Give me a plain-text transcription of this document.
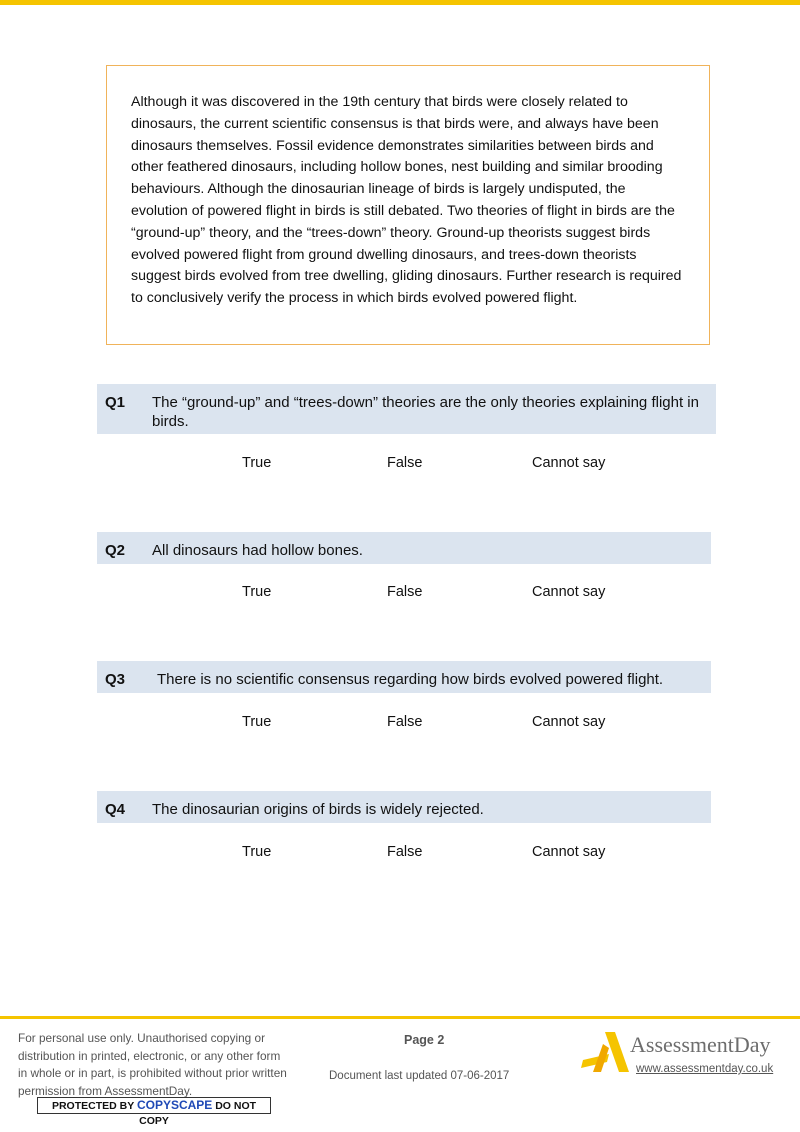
Although it was discovered in the 19th century that birds were closely related to dinosaurs, the current scientific consensus is that birds were, and always have been dinosaurs themselves. Fossil evidence demonstrates similarities between birds and other feathered dinosaurs, including hollow bones, nest building and similar brooding behaviours. Although the dinosaurian lineage of birds is largely undisputed, the evolution of powered flight in birds is still debated. Two theories of flight in birds are the “ground-up” theory, and the “trees-down” theory. Ground-up theorists suggest birds evolved powered flight from ground dwelling dinosaurs, and trees-down theorists suggest birds evolved from tree dwelling, gliding dinosaurs. Further research is required to conclusively verify the process in which birds evolved powered flight.
Q1	The “ground-up” and “trees-down” theories are the only theories explaining flight in birds.
True	False	Cannot say
Q2	All dinosaurs had hollow bones.
True	False	Cannot say
Q3	There is no scientific consensus regarding how birds evolved powered flight.
True	False	Cannot say
Q4	The dinosaurian origins of birds is widely rejected.
True	False	Cannot say
For personal use only. Unauthorised copying or distribution in printed, electronic, or any other form in whole or in part, is prohibited without prior written permission from AssessmentDay.
PROTECTED BY COPYSCAPE DO NOT COPY
Page 2
Document last updated 07-06-2017
AssessmentDay
www.assessmentday.co.uk
